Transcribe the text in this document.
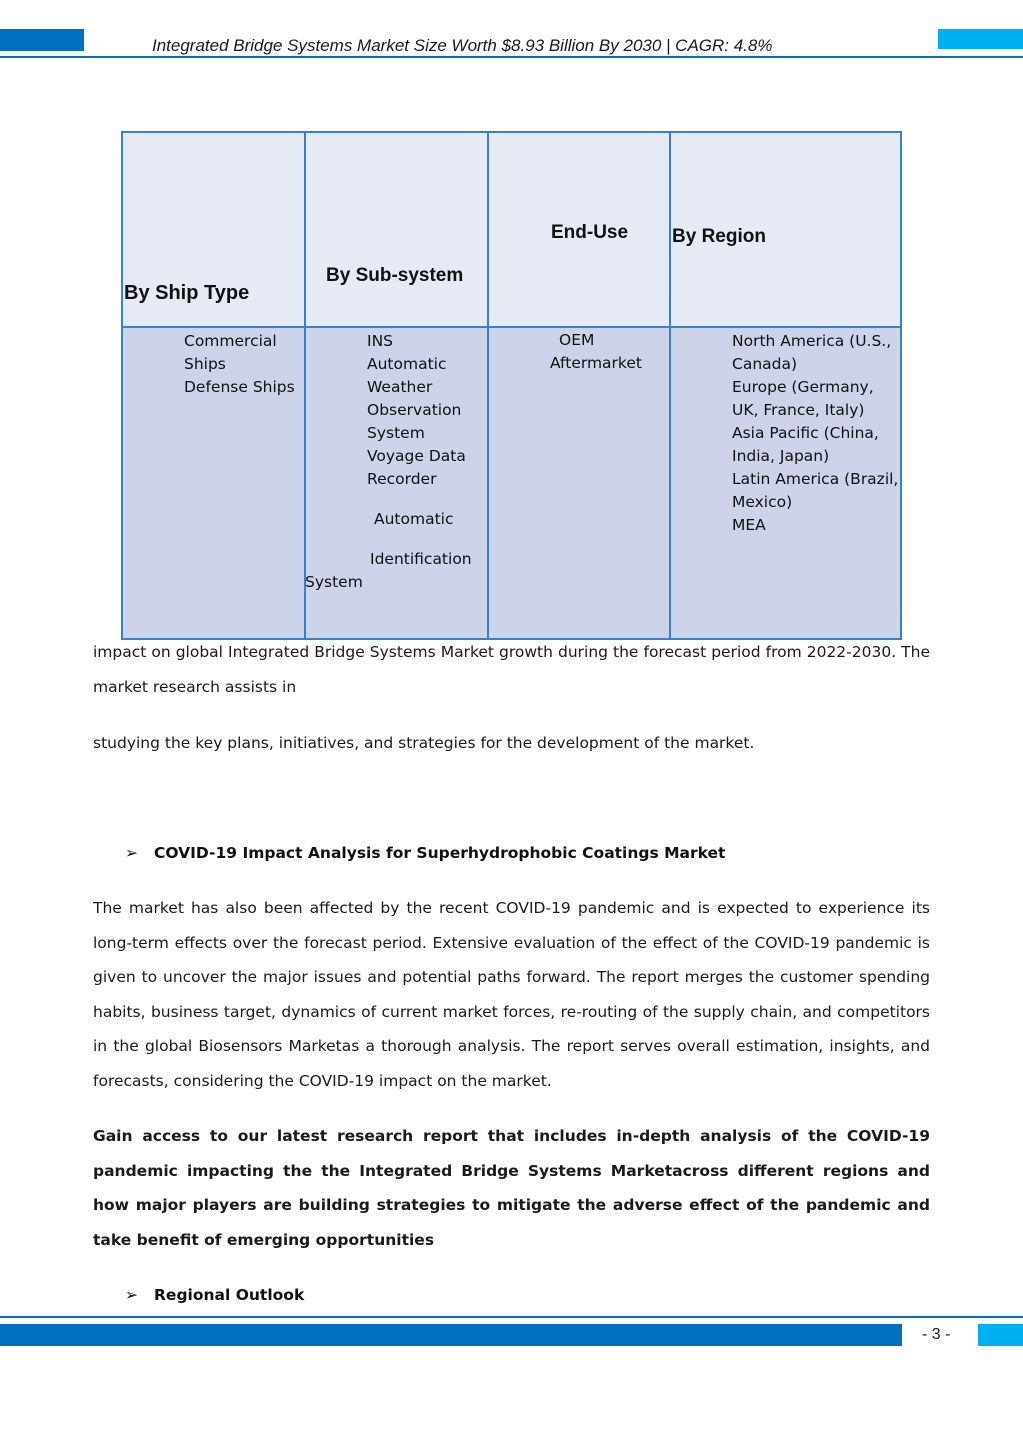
Integrated Bridge Systems Market Size Worth $8.93 Billion By 2030 | CAGR: 4.8%
By Ship Type
By Sub-system
End-Use By Region
Commercial
Ships
Defense Ships
INS
Automatic
Weather
Observation
System
Voyage Data
Recorder
Automatic
Identification
System
OEM
Aftermarket
North America (U.S.,
Canada)
Europe (Germany,
UK, France, Italy)
Asia Pacific (China,
India, Japan)
Latin America (Brazil,
Mexico)
MEA

impact on global Integrated Bridge Systems Market growth during the forecast period from 2022-2030. The market research assists in

studying the key plans, initiatives, and strategies for the development of the market.

➢ COVID-19 Impact Analysis for Superhydrophobic Coatings Market

The market has also been affected by the recent COVID-19 pandemic and is expected to experience its long-term effects over the forecast period. Extensive evaluation of the effect of the COVID-19 pandemic is given to uncover the major issues and potential paths forward. The report merges the customer spending habits, business target, dynamics of current market forces, re-routing of the supply chain, and competitors in the global Biosensors Marketas a thorough analysis. The report serves overall estimation, insights, and forecasts, considering the COVID-19 impact on the market.

Gain access to our latest research report that includes in-depth analysis of the COVID-19 pandemic impacting the the Integrated Bridge Systems Marketacross different regions and how major players are building strategies to mitigate the adverse effect of the pandemic and take benefit of emerging opportunities

➢ Regional Outlook
- 3 -
